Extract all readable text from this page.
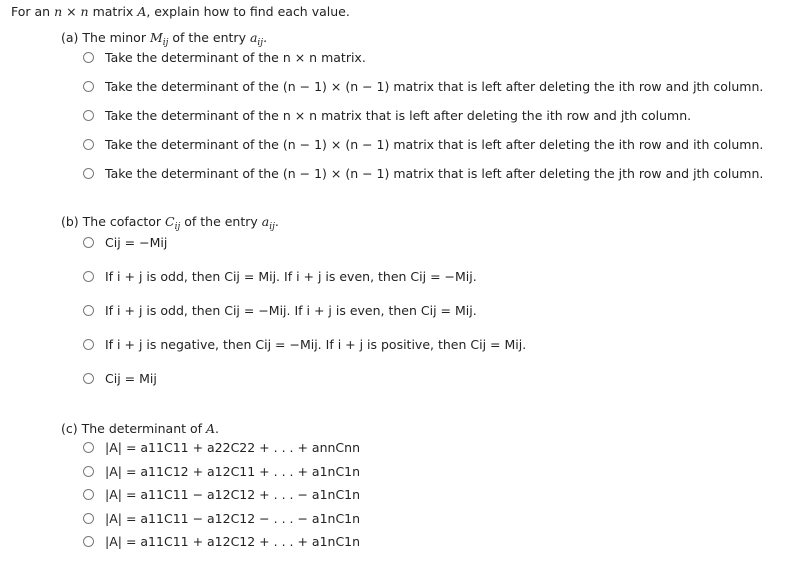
For an n × n matrix A, explain how to find each value.
(a) The minor $M_{ij}$ of the entry $a_{ij}$.
Take the determinant of the n × n matrix.
Take the determinant of the (n − 1) × (n − 1) matrix that is left after deleting the ith row and jth column.
Take the determinant of the n × n matrix that is left after deleting the ith row and jth column.
Take the determinant of the (n − 1) × (n − 1) matrix that is left after deleting the ith row and ith column.
Take the determinant of the (n − 1) × (n − 1) matrix that is left after deleting the jth row and jth column.
(b) The cofactor $C_{ij}$ of the entry $a_{ij}$.
Cij = −Mij
If i + j is odd, then Cij = Mij. If i + j is even, then Cij = −Mij.
If i + j is odd, then Cij = −Mij. If i + j is even, then Cij = Mij.
If i + j is negative, then Cij = −Mij. If i + j is positive, then Cij = Mij.
Cij = Mij
(c) The determinant of A.
|A| = a11C11 + a22C22 + . . . + annCnn
|A| = a11C12 + a12C11 + . . . + a1nC1n
|A| = a11C11 − a12C12 + . . . − a1nC1n
|A| = a11C11 − a12C12 − . . . − a1nC1n
|A| = a11C11 + a12C12 + . . . + a1nC1n
